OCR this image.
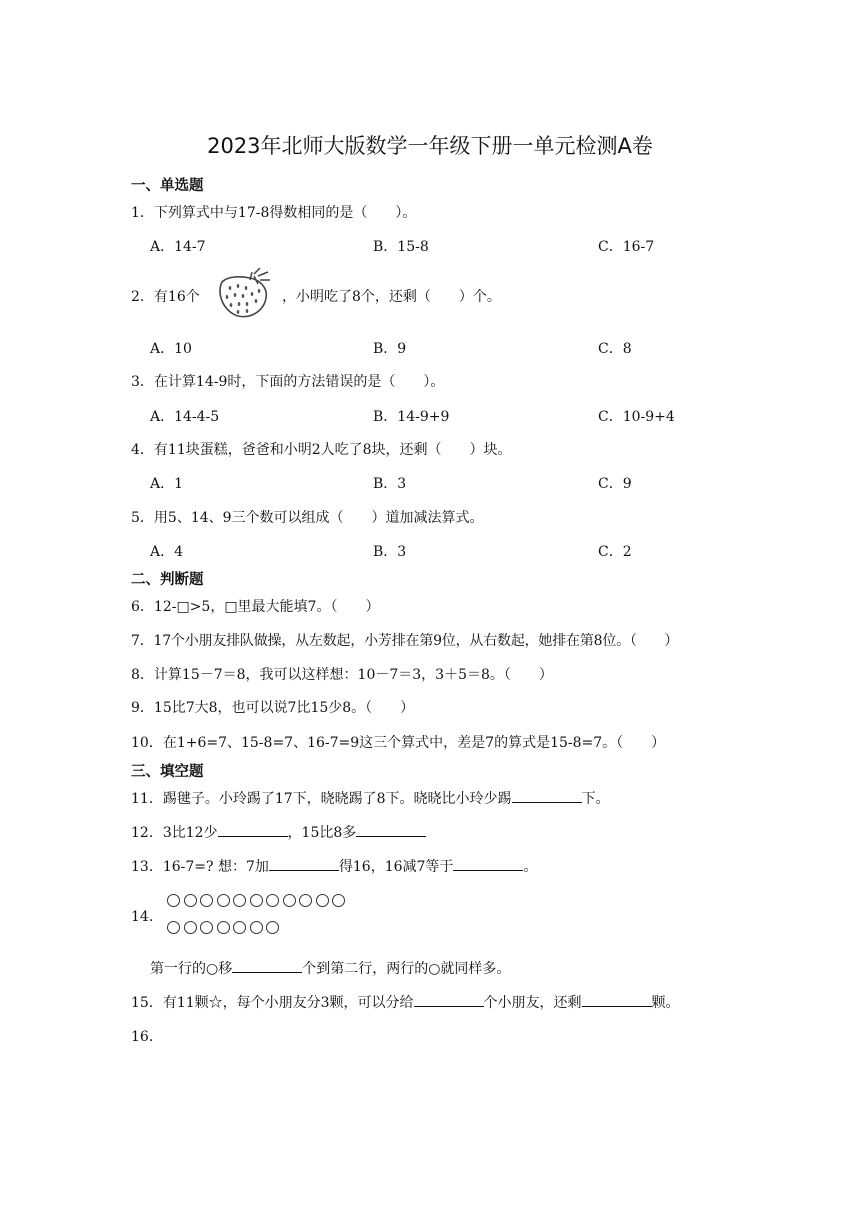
2023年北师大版数学一年级下册一单元检测A卷
一、单选题
1．下列算式中与17-8得数相同的是（　　）。
A．14-7	B．15-8	C．16-7
2．有16个	，小明吃了8个，还剩（　　）个。
A．10	B．9	C．8
3．在计算14-9时，下面的方法错误的是（　　）。
A．14-4-5	B．14-9+9	C．10-9+4
4．有11块蛋糕，爸爸和小明2人吃了8块，还剩（　　）块。
A．1	B．3	C．9
5．用5、14、9三个数可以组成（　　）道加减法算式。
A．4	B．3	C．2
二、判断题
6．12-□>5，□里最大能填7。（　　）
7．17个小朋友排队做操，从左数起，小芳排在第9位，从右数起，她排在第8位。（　　）
8．计算15－7＝8，我可以这样想：10－7＝3，3＋5＝8。（　　）
9．15比7大8，也可以说7比15少8。（　　）
10．在1+6=7、15-8=7、16-7=9这三个算式中，差是7的算式是15-8=7。（　　）
三、填空题
11．踢毽子。小玲踢了17下，晓晓踢了8下。晓晓比小玲少踢	下。
12．3比12少	，15比8多
13．16-7=? 想：7加	得16，16减7等于	。
14．
第一行的○移	个到第二行，两行的○就同样多。
15．有11颗☆，每个小朋友分3颗，可以分给	个小朋友，还剩	颗。
16．
